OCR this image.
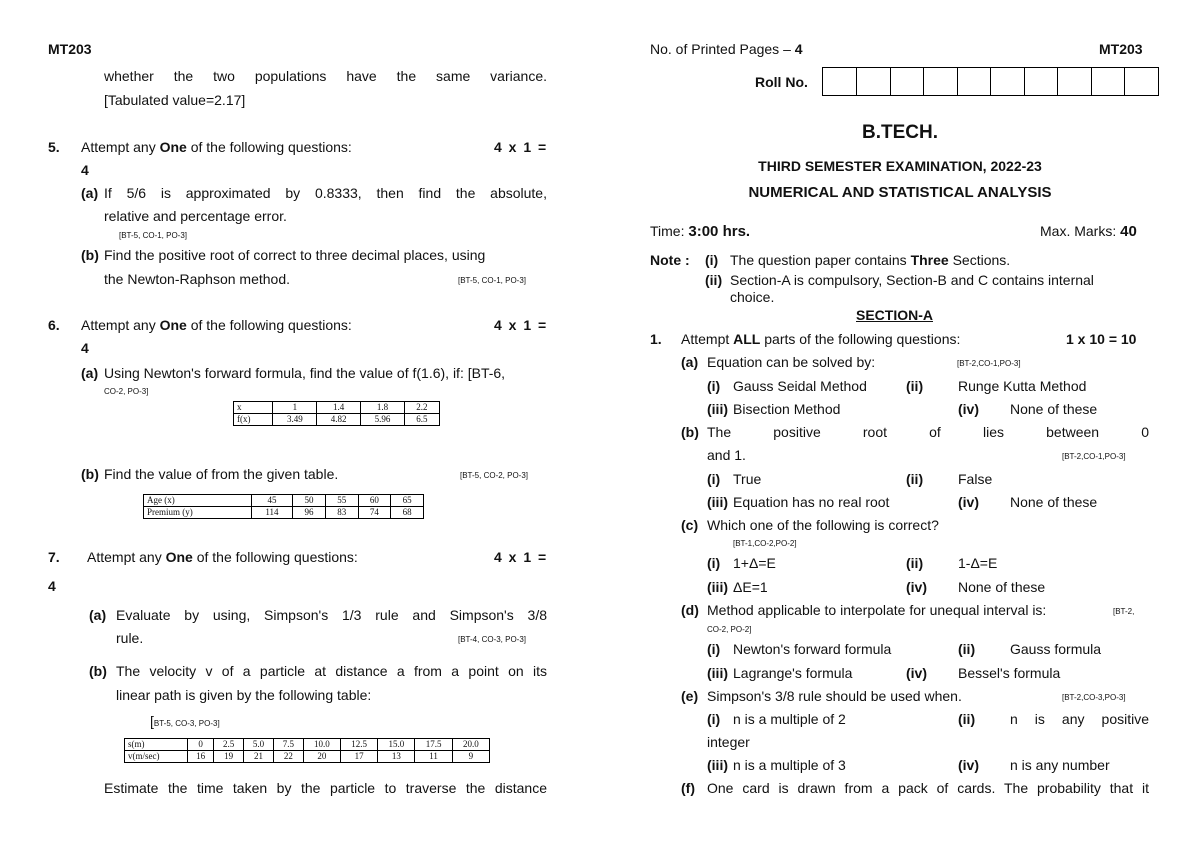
MT203
whether the two populations have the same variance.
[Tabulated value=2.17]
5. Attempt any One of the following questions:	4 x 1 =
4
(a) If 5/6 is approximated by 0.8333, then find the absolute,
relative and percentage error.
[BT-5, CO-1, PO-3]
(b) Find the positive root of correct to three decimal places, using
the Newton-Raphson method.	[BT-5, CO-1, PO-3]
6. Attempt any One of the following questions:	4 x 1 =
4
(a) Using Newton's forward formula, find the value of f(1.6), if: [BT-6,
CO-2, PO-3]
x	1	1.4	1.8	2.2
f(x)	3.49	4.82	5.96	6.5
(b) Find the value of from the given table.	[BT-5, CO-2, PO-3]
Age (x)	45	50	55	60	65
Premium (y)	114	96	83	74	68
7. Attempt any One of the following questions:	4 x 1 =
4
(a) Evaluate by using, Simpson's 1/3 rule and Simpson's 3/8
rule.	[BT-4, CO-3, PO-3]
(b) The velocity v of a particle at distance a from a point on its
linear path is given by the following table:
[BT-5, CO-3, PO-3]
s(m)	0	2.5	5.0	7.5	10.0	12.5	15.0	17.5	20.0
v(m/sec)	16	19	21	22	20	17	13	11	9
Estimate the time taken by the particle to traverse the distance
No. of Printed Pages – 4	MT203
Roll No.
B.TECH.
THIRD SEMESTER EXAMINATION, 2022-23
NUMERICAL AND STATISTICAL ANALYSIS
Time: 3:00 hrs.	Max. Marks: 40
Note : (i) The question paper contains Three Sections.
(ii) Section-A is compulsory, Section-B and C contains internal
choice.
SECTION-A
1. Attempt ALL parts of the following questions:	1 x 10 = 10
(a) Equation can be solved by:	[BT-2,CO-1,PO-3]
(i) Gauss Seidal Method	(ii) Runge Kutta Method
(iii) Bisection Method	(iv) None of these
(b) The positive root of lies between 0
and 1.	[BT-2,CO-1,PO-3]
(i) True	(ii) False
(iii) Equation has no real root	(iv) None of these
(c) Which one of the following is correct?
[BT-1,CO-2,PO-2]
(i) 1+Δ=E	(ii) 1-Δ=E
(iii) ΔE=1	(iv) None of these
(d) Method applicable to interpolate for unequal interval is:	[BT-2,
CO-2, PO-2]
(i) Newton's forward formula	(ii) Gauss formula
(iii) Lagrange's formula	(iv) Bessel's formula
(e) Simpson's 3/8 rule should be used when.	[BT-2,CO-3,PO-3]
(i) n is a multiple of 2	(ii) n is any positive
integer
(iii) n is a multiple of 3	(iv) n is any number
(f) One card is drawn from a pack of cards. The probability that it
